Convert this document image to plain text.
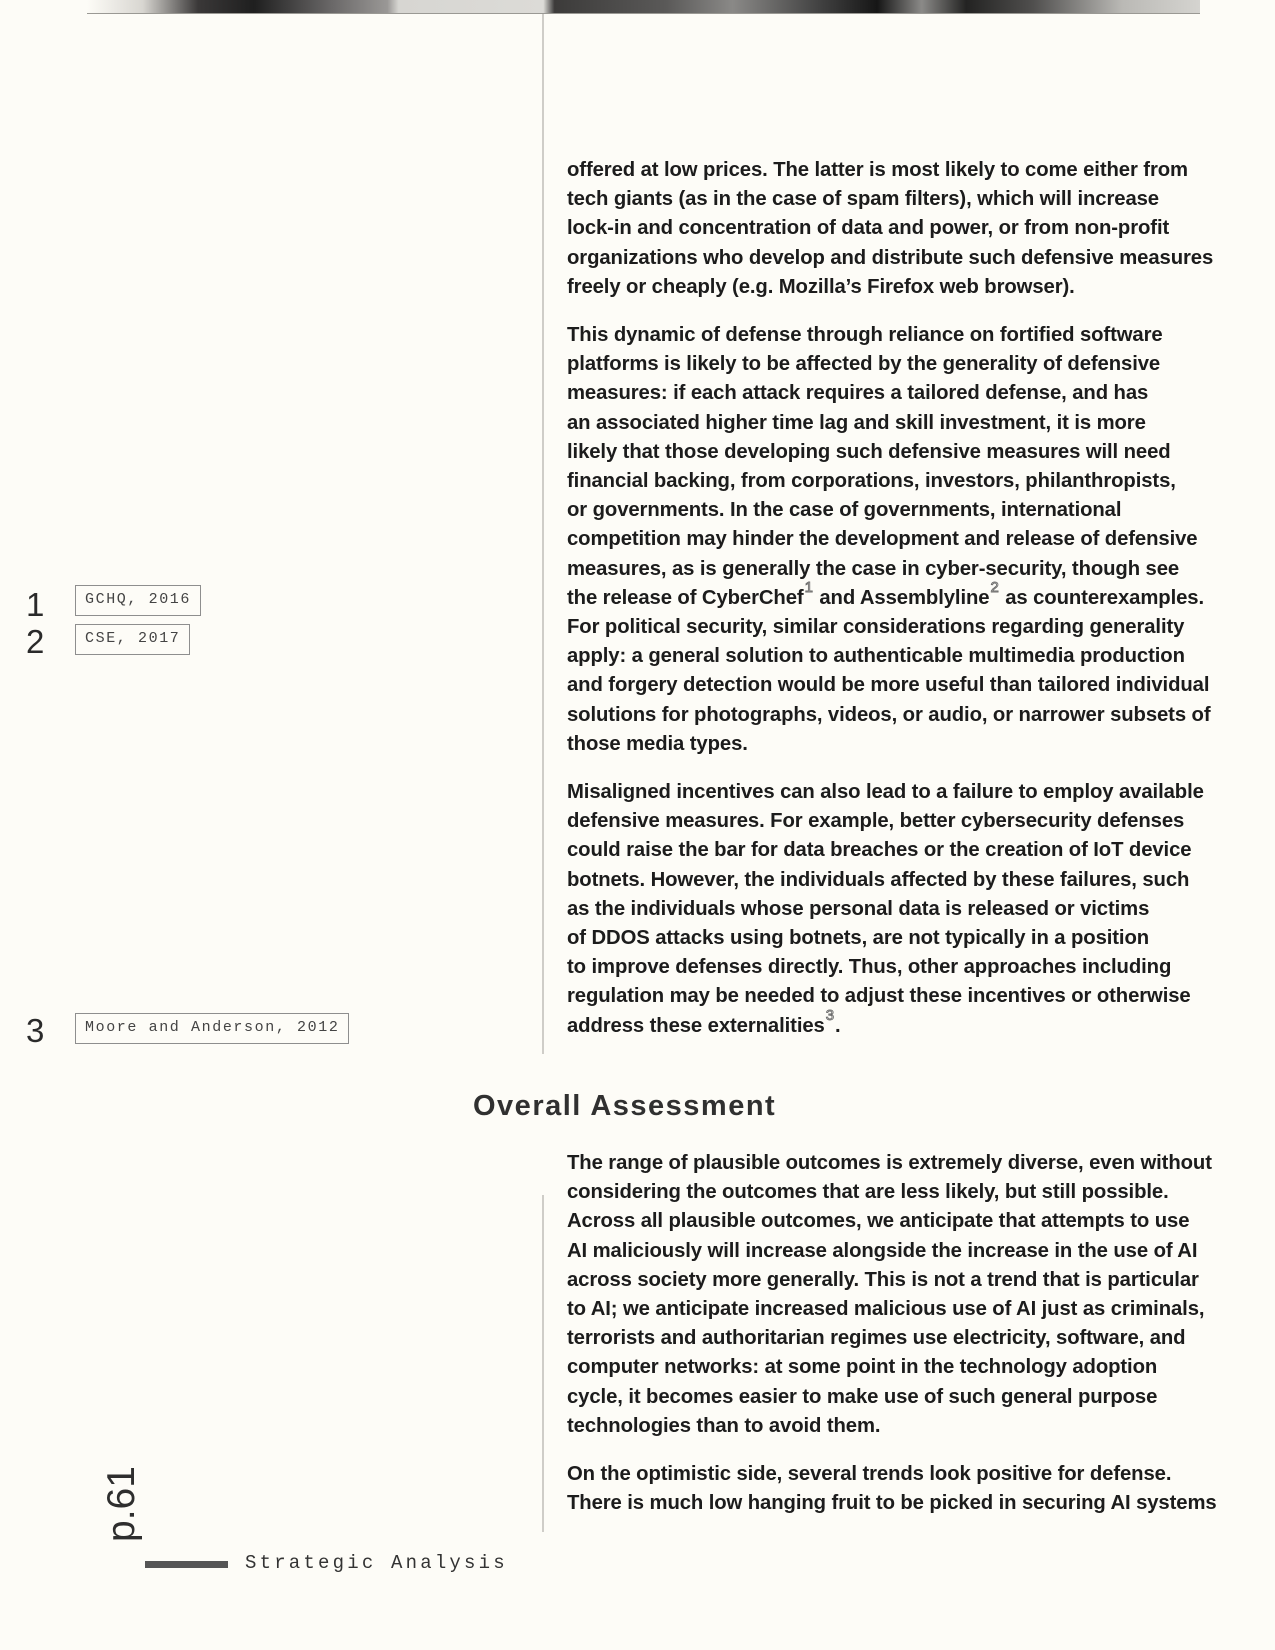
offered at low prices. The latter is most likely to come either from
tech giants (as in the case of spam filters), which will increase
lock-in and concentration of data and power, or from non-profit
organizations who develop and distribute such defensive measures
freely or cheaply (e.g. Mozilla’s Firefox web browser).
This dynamic of defense through reliance on fortified software
platforms is likely to be affected by the generality of defensive
measures: if each attack requires a tailored defense, and has
an associated higher time lag and skill investment, it is more
likely that those developing such defensive measures will need
financial backing, from corporations, investors, philanthropists,
or governments. In the case of governments, international
competition may hinder the development and release of defensive
measures, as is generally the case in cyber-security, though see
the release of CyberChef$^1$ and Assemblyline$^2$ as counterexamples.
For political security, similar considerations regarding generality
apply: a general solution to authenticable multimedia production
and forgery detection would be more useful than tailored individual
solutions for photographs, videos, or audio, or narrower subsets of
those media types.
Misaligned incentives can also lead to a failure to employ available
defensive measures. For example, better cybersecurity defenses
could raise the bar for data breaches or the creation of IoT device
botnets. However, the individuals affected by these failures, such
as the individuals whose personal data is released or victims
of DDOS attacks using botnets, are not typically in a position
to improve defenses directly. Thus, other approaches including
regulation may be needed to adjust these incentives or otherwise
address these externalities$^3$.
1	GCHQ, 2016
2	CSE, 2017
3	Moore and Anderson, 2012
Overall Assessment
The range of plausible outcomes is extremely diverse, even without
considering the outcomes that are less likely, but still possible.
Across all plausible outcomes, we anticipate that attempts to use
AI maliciously will increase alongside the increase in the use of AI
across society more generally. This is not a trend that is particular
to AI; we anticipate increased malicious use of AI just as criminals,
terrorists and authoritarian regimes use electricity, software, and
computer networks: at some point in the technology adoption
cycle, it becomes easier to make use of such general purpose
technologies than to avoid them.
On the optimistic side, several trends look positive for defense.
There is much low hanging fruit to be picked in securing AI systems
p.61
Strategic Analysis
